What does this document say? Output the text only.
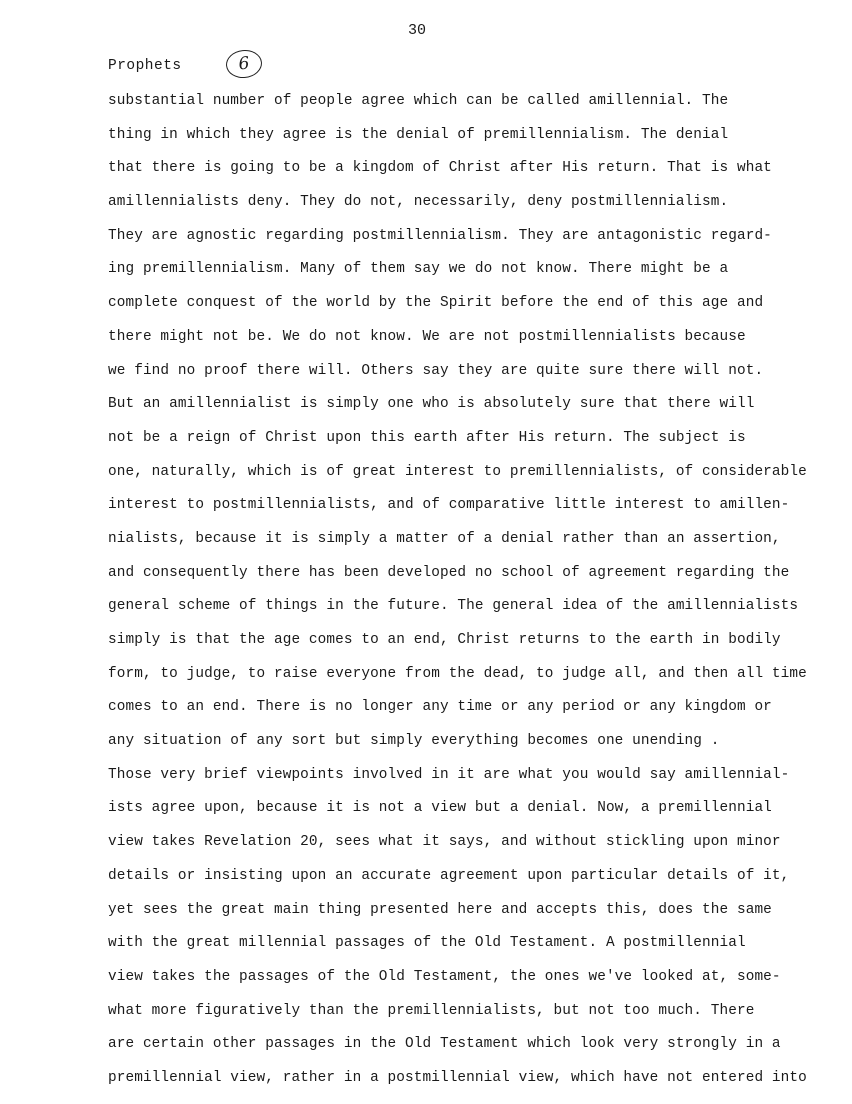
30
Prophets	6
substantial number of people agree which can be called amillennial. The
thing in which they agree is the denial of premillennialism. The denial
that there is going to be a kingdom of Christ after His return. That is what
amillennialists deny. They do not, necessarily, deny postmillennialism.
They are agnostic regarding postmillennialism. They are antagonistic regard-
ing premillennialism. Many of them say we do not know. There might be a
complete conquest of the world by the Spirit before the end of this age and
there might not be. We do not know. We are not postmillennialists because
we find no proof there will. Others say they are quite sure there will not.
But an amillennialist is simply one who is absolutely sure that there will
not be a reign of Christ upon this earth after His return. The subject is
one, naturally, which is of great interest to premillennialists, of considerable
interest to postmillennialists, and of comparative little interest to amillen-
nialists, because it is simply a matter of a denial rather than an assertion,
and consequently there has been developed no school of agreement regarding the
general scheme of things in the future. The general idea of the amillennialists
simply is that the age comes to an end, Christ returns to the earth in bodily
form, to judge, to raise everyone from the dead, to judge all, and then all time
comes to an end. There is no longer any time or any period or any kingdom or
any situation of any sort but simply everything becomes one unending .
Those very brief viewpoints involved in it are what you would say amillennial-
ists agree upon, because it is not a view but a denial. Now, a premillennial
view takes Revelation 20, sees what it says, and without stickling upon minor
details or insisting upon an accurate agreement upon particular details of it,
yet sees the great main thing presented here and accepts this, does the same
with the great millennial passages of the Old Testament. A postmillennial
view takes the passages of the Old Testament, the ones we've looked at, some-
what more figuratively than the premillennialists, but not too much. There
are certain other passages in the Old Testament which look very strongly in a
premillennial view, rather in a postmillennial view, which have not entered into
